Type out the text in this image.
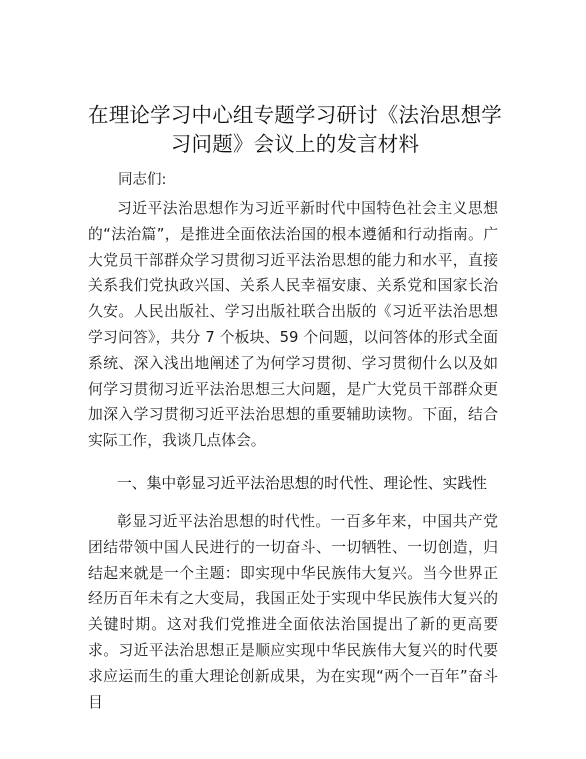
在理论学习中心组专题学习研讨《法治思想学习问题》会议上的发言材料

同志们:

习近平法治思想作为习近平新时代中国特色社会主义思想的“法治篇”，是推进全面依法治国的根本遵循和行动指南。广大党员干部群众学习贯彻习近平法治思想的能力和水平，直接关系我们党执政兴国、关系人民幸福安康、关系党和国家长治久安。人民出版社、学习出版社联合出版的《习近平法治思想学习问答》，共分 7 个板块、59 个问题，以问答体的形式全面系统、深入浅出地阐述了为何学习贯彻、学习贯彻什么以及如何学习贯彻习近平法治思想三大问题，是广大党员干部群众更加深入学习贯彻习近平法治思想的重要辅助读物。下面，结合实际工作，我谈几点体会。

一、集中彰显习近平法治思想的时代性、理论性、实践性

彰显习近平法治思想的时代性。一百多年来，中国共产党团结带领中国人民进行的一切奋斗、一切牺牲、一切创造，归结起来就是一个主题：即实现中华民族伟大复兴。当今世界正经历百年未有之大变局，我国正处于实现中华民族伟大复兴的关键时期。这对我们党推进全面依法治国提出了新的更高要求。习近平法治思想正是顺应实现中华民族伟大复兴的时代要求应运而生的重大理论创新成果，为在实现“两个一百年”奋斗目
